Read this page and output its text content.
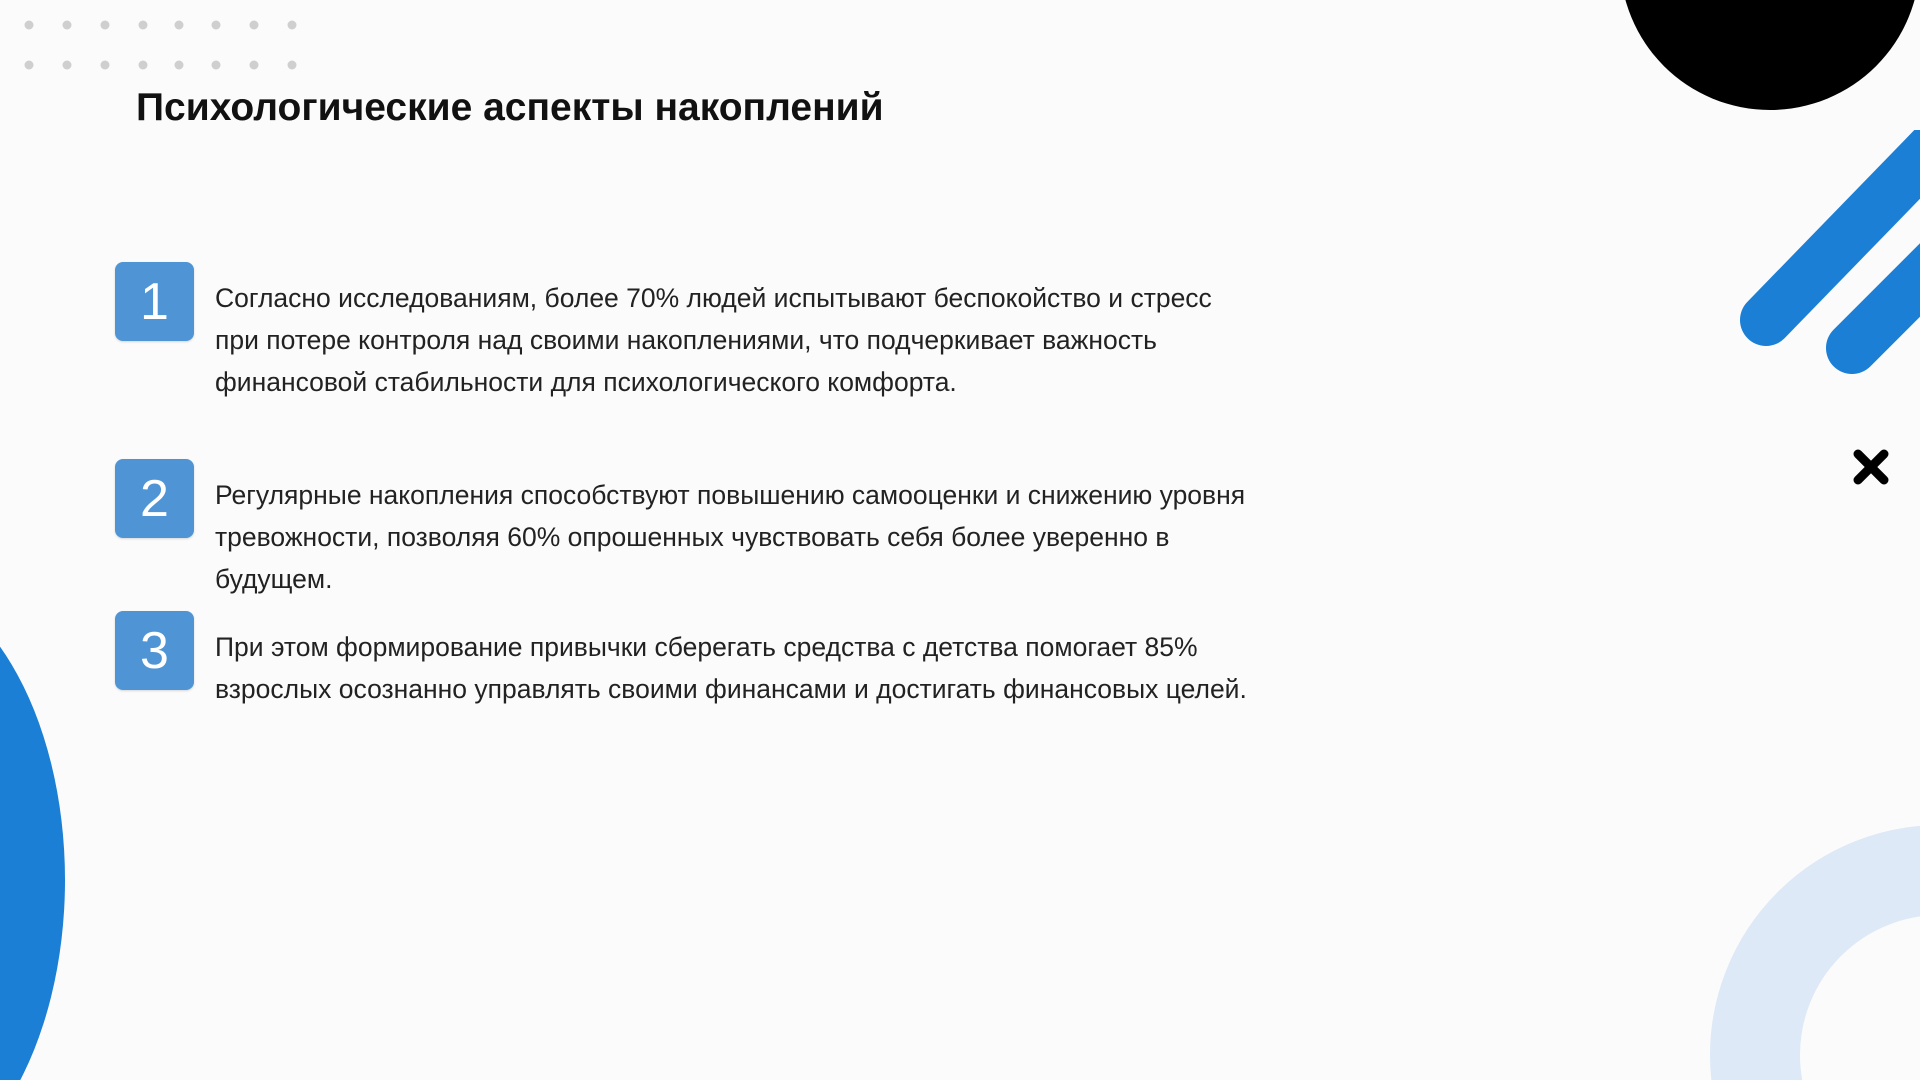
Психологические аспекты накоплений
1	Согласно исследованиям, более 70% людей испытывают беспокойство и стресс при потере контроля над своими накоплениями, что подчеркивает важность финансовой стабильности для психологического комфорта.
2	Регулярные накопления способствуют повышению самооценки и снижению уровня тревожности, позволяя 60% опрошенных чувствовать себя более уверенно в будущем.
3	При этом формирование привычки сберегать средства с детства помогает 85% взрослых осознанно управлять своими финансами и достигать финансовых целей.
